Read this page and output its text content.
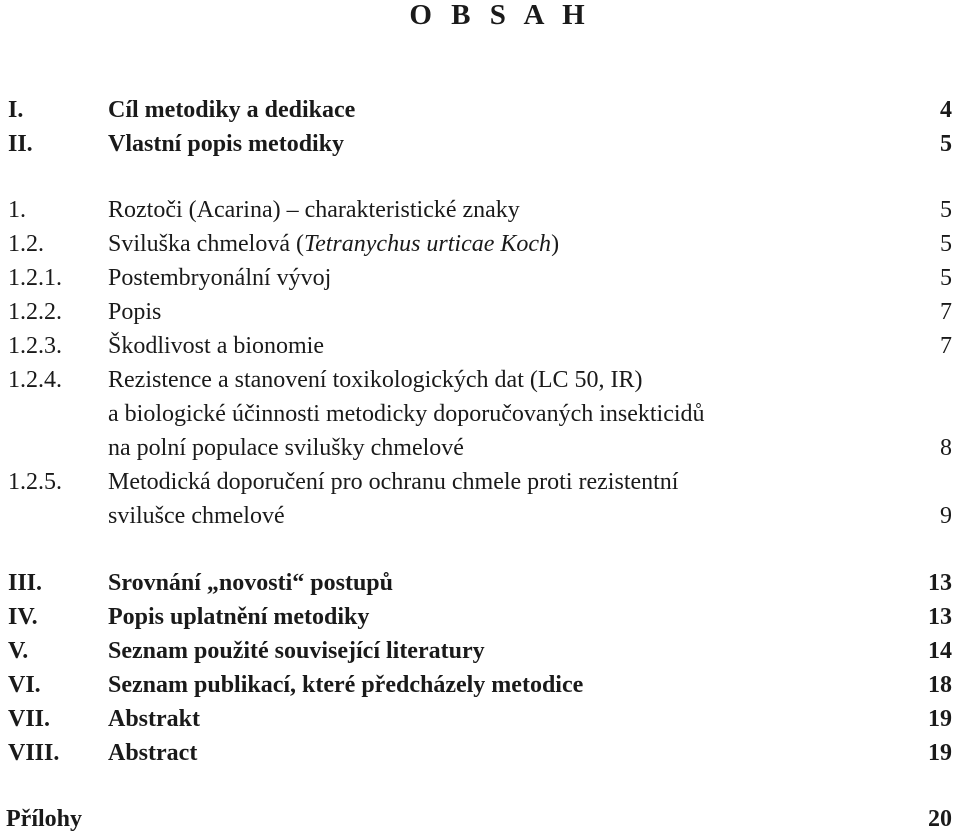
O B S A H
I.	Cíl metodiky a dedikace	4
II.	Vlastní popis metodiky	5
1.	Roztoči (Acarina) – charakteristické znaky	5
1.2.	Sviluška chmelová (Tetranychus urticae Koch)	5
1.2.1. Postembryonální vývoj	5
1.2.2. Popis	7
1.2.3. Škodlivost a bionomie	7
1.2.4. Rezistence a stanovení toxikologických dat (LC 50, IR)
a biologické účinnosti metodicky doporučovaných insekticidů
na polní populace svilušky chmelové	8
1.2.5. Metodická doporučení pro ochranu chmele proti rezistentní
svilušce chmelové	9
III.	Srovnání „novosti“ postupů	13
IV.	Popis uplatnění metodiky	13
V.	Seznam použité související literatury	14
VI.	Seznam publikací, které předcházely metodice	18
VII. Abstrakt	19
VIII. Abstract	19
Přílohy	20
